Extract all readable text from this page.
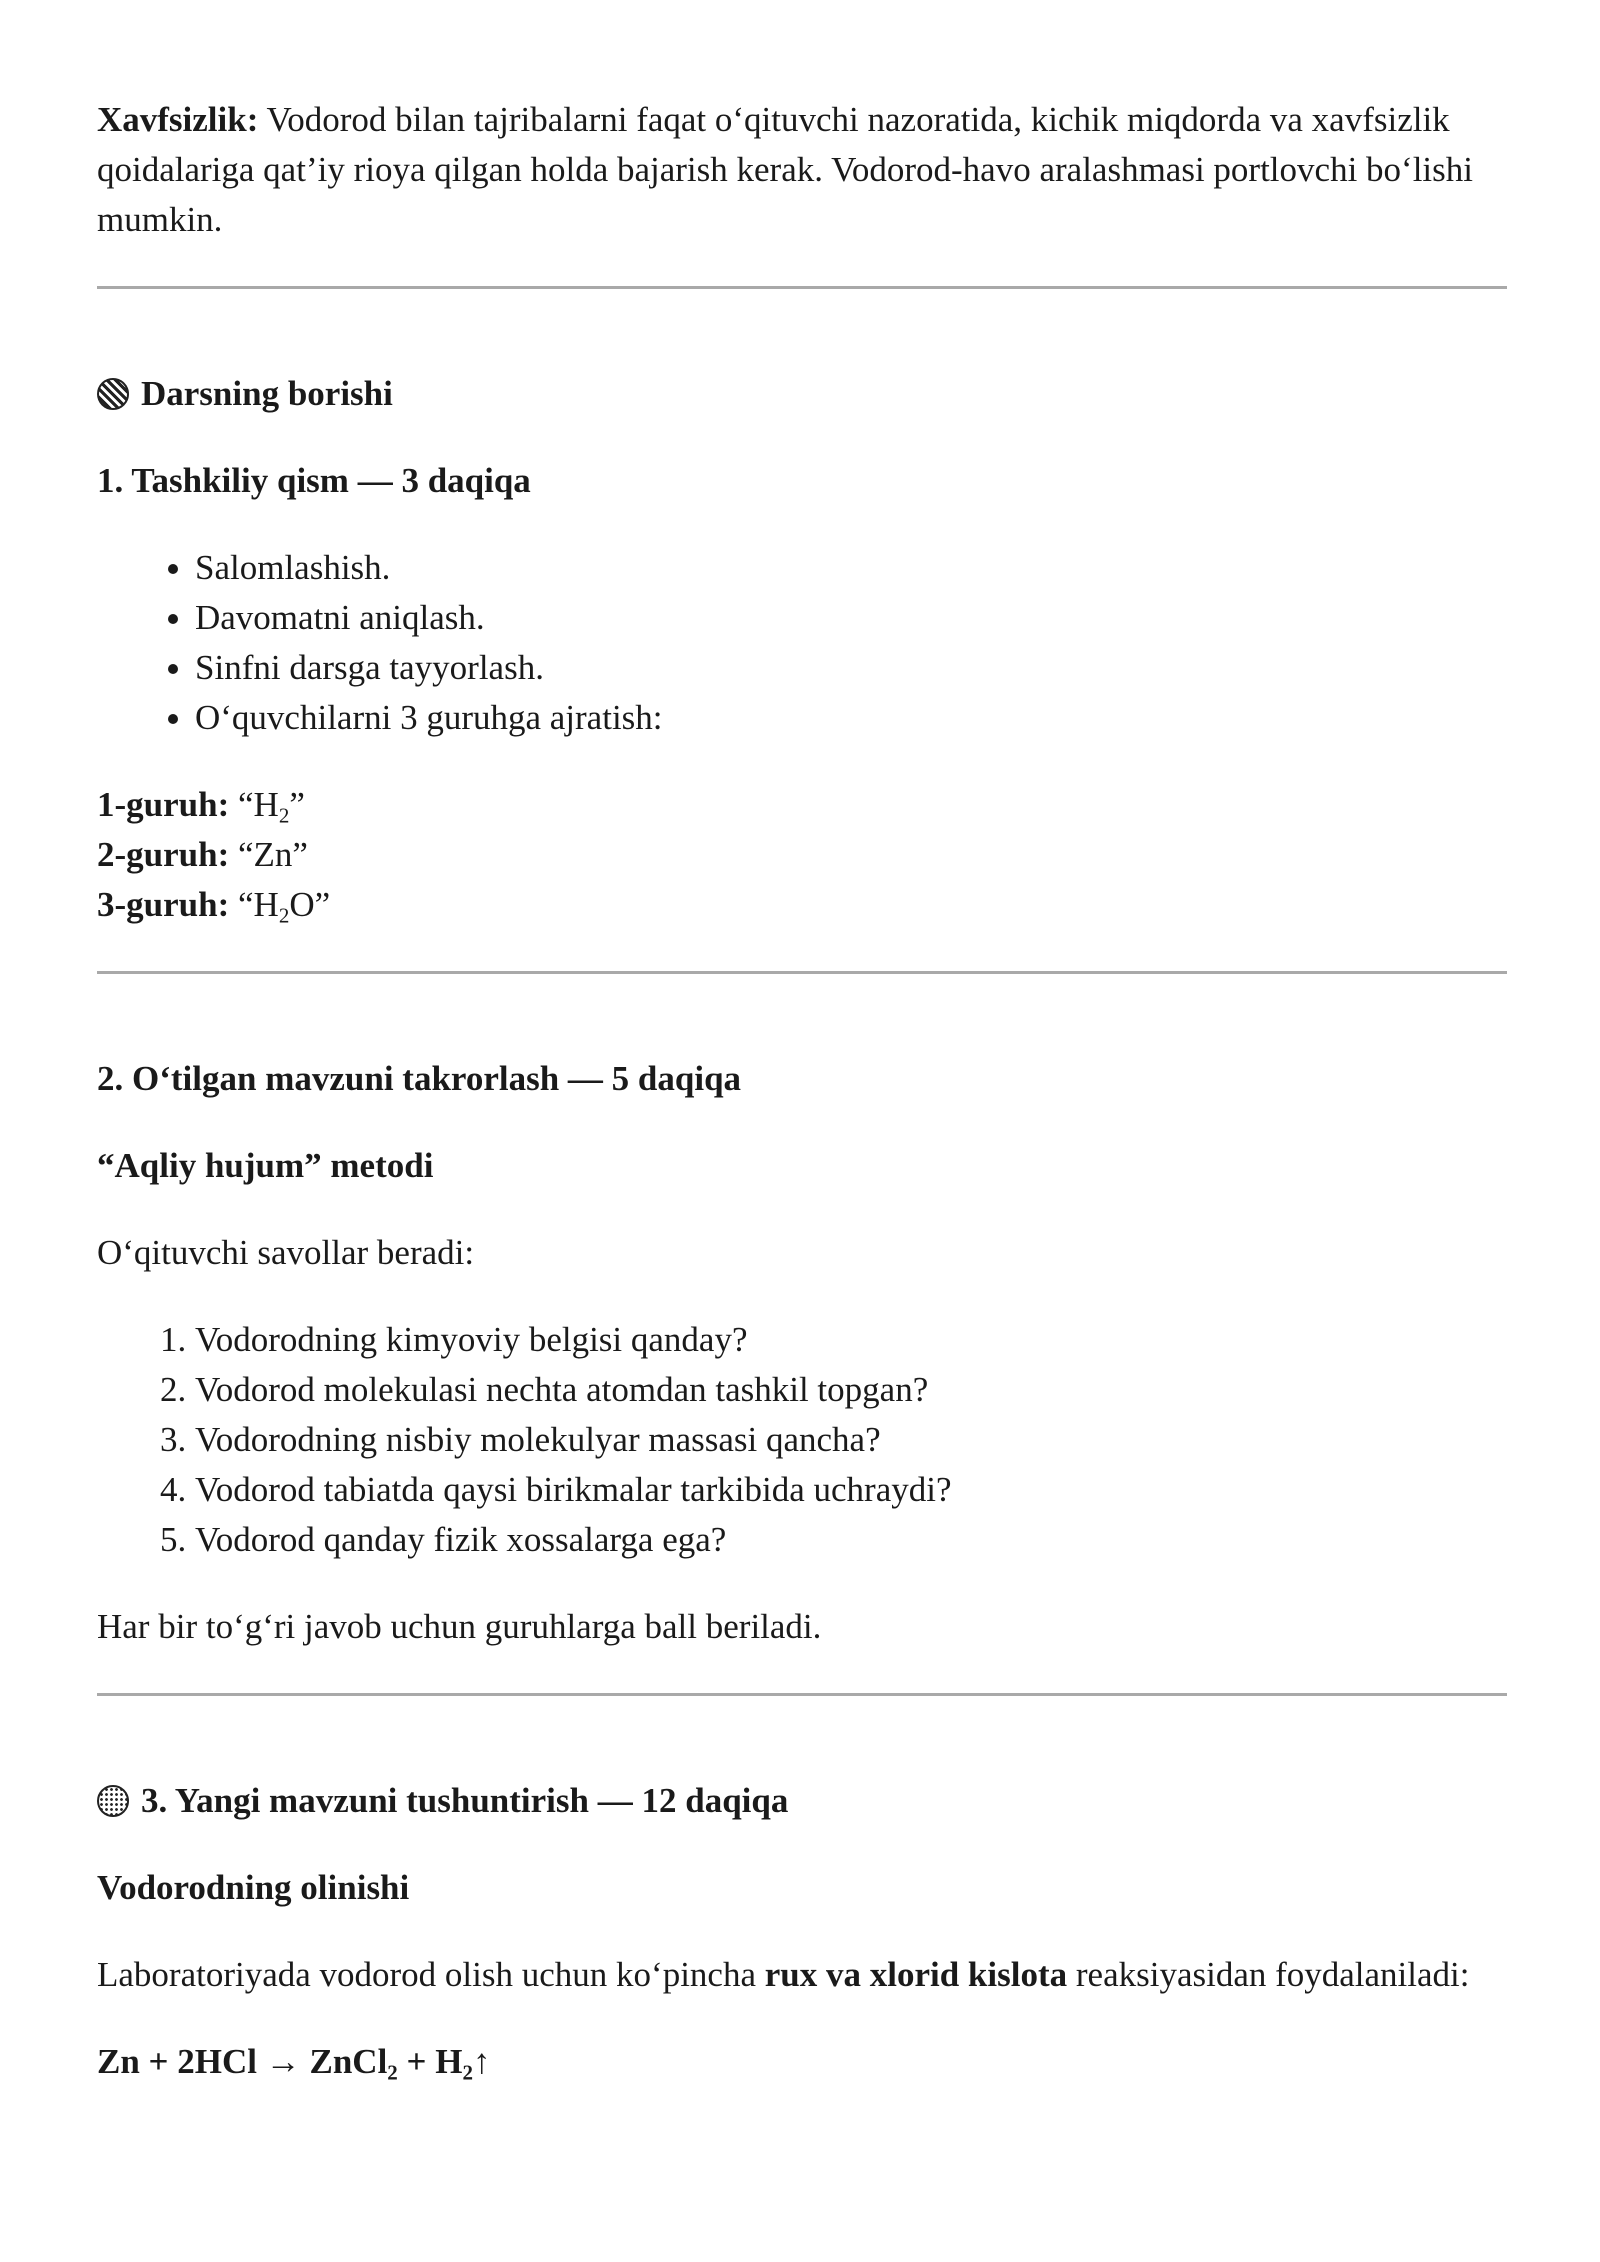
Xavfsizlik: Vodorod bilan tajribalarni faqat o‘qituvchi nazoratida, kichik miqdorda va xavfsizlik qoidalariga qat’iy rioya qilgan holda bajarish kerak. Vodorod-havo aralashmasi portlovchi bo‘lishi mumkin.

Darsning borishi
1. Tashkiliy qism — 3 daqiqa
• Salomlashish.
• Davomatni aniqlash.
• Sinfni darsga tayyorlash.
• O‘quvchilarni 3 guruhga ajratish:

1-guruh: “$H_2$”

2-guruh: “Zn”

3-guruh: “$H_2O$”

2. O‘tilgan mavzuni takrorlash — 5 daqiqa
“Aqliy hujum” metodi

O‘qituvchi savollar beradi:

1. Vodorodning kimyoviy belgisi qanday?
2. Vodorod molekulasi nechta atomdan tashkil topgan?
3. Vodorodning nisbiy molekulyar massasi qancha?
4. Vodorod tabiatda qaysi birikmalar tarkibida uchraydi?
5. Vodorod qanday fizik xossalarga ega?

Har bir to‘g‘ri javob uchun guruhlarga ball beriladi.

3. Yangi mavzuni tushuntirish — 12 daqiqa
Vodorodning olinishi

Laboratoriyada vodorod olish uchun ko‘pincha rux va xlorid kislota reaksiyasidan foydalaniladi:

Zn + 2HCl → ZnCl$_2$ + $H_2↑$
